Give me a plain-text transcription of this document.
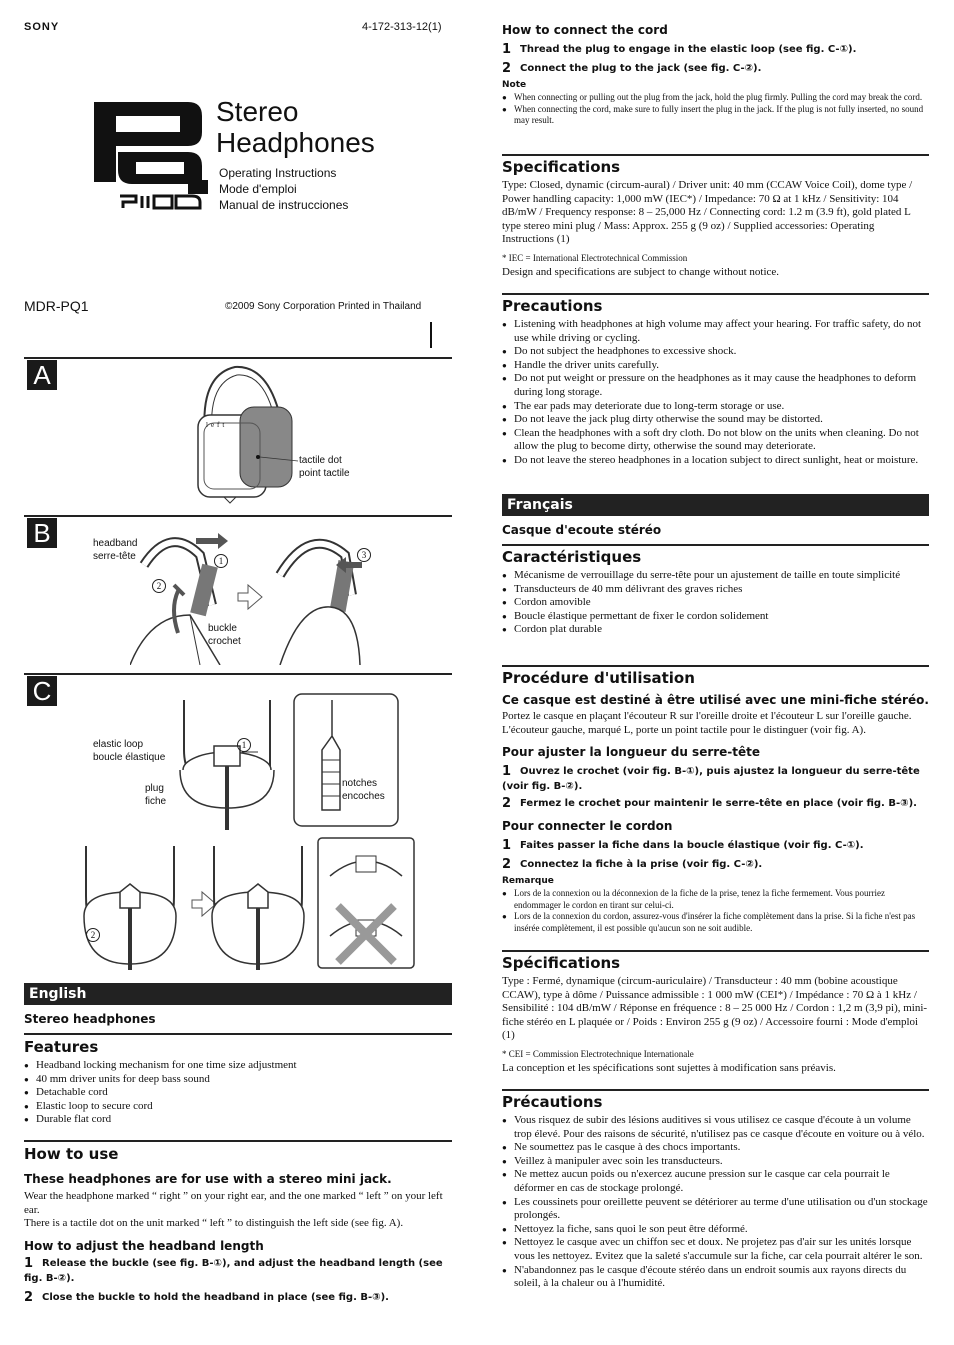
SONY	4-172-313-12(1)
Stereo
Headphones
Operating Instructions
Mode d'emploi
Manual de instrucciones
MDR-PQ1	©2009 Sony Corporation Printed in Thailand
A
left
tactile dot
point tactile
B
1
2
3
headband
serre-tête
buckle
crochet
C
1
elastic loop
boucle élastique
plug
fiche
notches
encoches
2
English
Stereo headphones
Features
● Headband locking mechanism for one time size adjustment
● 40 mm driver units for deep bass sound
● Detachable cord
● Elastic loop to secure cord
● Durable flat cord
How to use
These headphones are for use with a stereo mini jack.
Wear the headphone marked “ right ” on your right ear, and the one marked “ left ” on your left ear.
There is a tactile dot on the unit marked “ left ” to distinguish the left side (see fig. A).
How to adjust the headband length
1 Release the buckle (see fig. B-①), and adjust the headband length (see fig. B-②).
2 Close the buckle to hold the headband in place (see fig. B-③).
How to connect the cord
1 Thread the plug to engage in the elastic loop (see fig. C-①).
2 Connect the plug to the jack (see fig. C-②).
Note
● When connecting or pulling out the plug from the jack, hold the plug firmly. Pulling the cord may break the cord.
● When connecting the cord, make sure to fully insert the plug in the jack. If the plug is not fully inserted, no sound may result.
Specifications
Type: Closed, dynamic (circum-aural) / Driver unit: 40 mm (CCAW Voice Coil), dome type / Power handling capacity: 1,000 mW (IEC*) / Impedance: 70 Ω at 1 kHz / Sensitivity: 104 dB/mW / Frequency response: 8 – 25,000 Hz / Connecting cord: 1.2 m (3.9 ft), gold plated L type stereo mini plug / Mass: Approx. 255 g (9 oz) / Supplied accessories: Operating Instructions (1)
* IEC = International Electrotechnical Commission
Design and specifications are subject to change without notice.
Precautions
● Listening with headphones at high volume may affect your hearing. For traffic safety, do not use while driving or cycling.
● Do not subject the headphones to excessive shock.
● Handle the driver units carefully.
● Do not put weight or pressure on the headphones as it may cause the headphones to deform during long storage.
● The ear pads may deteriorate due to long-term storage or use.
● Do not leave the jack plug dirty otherwise the sound may be distorted.
● Clean the headphones with a soft dry cloth. Do not blow on the units when cleaning. Do not allow the plug to become dirty, otherwise the sound may deteriorate.
● Do not leave the stereo headphones in a location subject to direct sunlight, heat or moisture.
Français
Casque d'ecoute stéréo
Caractéristiques
● Mécanisme de verrouillage du serre-tête pour un ajustement de taille en toute simplicité
● Transducteurs de 40 mm délivrant des graves riches
● Cordon amovible
● Boucle élastique permettant de fixer le cordon solidement
● Cordon plat durable
Procédure d'utilisation
Ce casque est destiné à être utilisé avec une mini-fiche stéréo.
Portez le casque en plaçant l'écouteur R sur l'oreille droite et l'écouteur L sur l'oreille gauche. L'écouteur gauche, marqué L, porte un point tactile pour le distinguer (voir fig. A).
Pour ajuster la longueur du serre-tête
1 Ouvrez le crochet (voir fig. B-①), puis ajustez la longueur du serre-tête (voir fig. B-②).
2 Fermez le crochet pour maintenir le serre-tête en place (voir fig. B-③).
Pour connecter le cordon
1 Faites passer la fiche dans la boucle élastique (voir fig. C-①).
2 Connectez la fiche à la prise (voir fig. C-②).
Remarque
● Lors de la connexion ou la déconnexion de la fiche de la prise, tenez la fiche fermement. Vous pourriez endommager le cordon en tirant sur celui-ci.
● Lors de la connexion du cordon, assurez-vous d'insérer la fiche complètement dans la prise. Si la fiche n'est pas insérée complètement, il est possible qu'aucun son ne soit audible.
Spécifications
Type : Fermé, dynamique (circum-auriculaire) / Transducteur : 40 mm (bobine acoustique CCAW), type à dôme / Puissance admissible : 1 000 mW (CEI*) / Impédance : 70 Ω à 1 kHz / Sensibilité : 104 dB/mW / Réponse en fréquence : 8 – 25 000 Hz / Cordon : 1,2 m (3,9 pi), mini-fiche stéréo en L plaquée or / Poids : Environ 255 g (9 oz) / Accessoire fourni : Mode d'emploi (1)
* CEI = Commission Electrotechnique Internationale
La conception et les spécifications sont sujettes à modification sans préavis.
Précautions
● Vous risquez de subir des lésions auditives si vous utilisez ce casque d'écoute à un volume trop élevé. Pour des raisons de sécurité, n'utilisez pas ce casque d'écoute en voiture ou à vélo.
● Ne soumettez pas le casque à des chocs importants.
● Veillez à manipuler avec soin les transducteurs.
● Ne mettez aucun poids ou n'exercez aucune pression sur le casque car cela pourrait le déformer en cas de stockage prolongé.
● Les coussinets pour oreillette peuvent se détériorer au terme d'une utilisation ou d'un stockage prolongés.
● Nettoyez la fiche, sans quoi le son peut être déformé.
● Nettoyez le casque avec un chiffon sec et doux. Ne projetez pas d'air sur les unités lorsque vous les nettoyez. Evitez que la saleté s'accumule sur la fiche, car cela pourrait altérer le son.
● N'abandonnez pas le casque d'écoute stéréo dans un endroit soumis aux rayons directs du soleil, à la chaleur ou à l'humidité.
